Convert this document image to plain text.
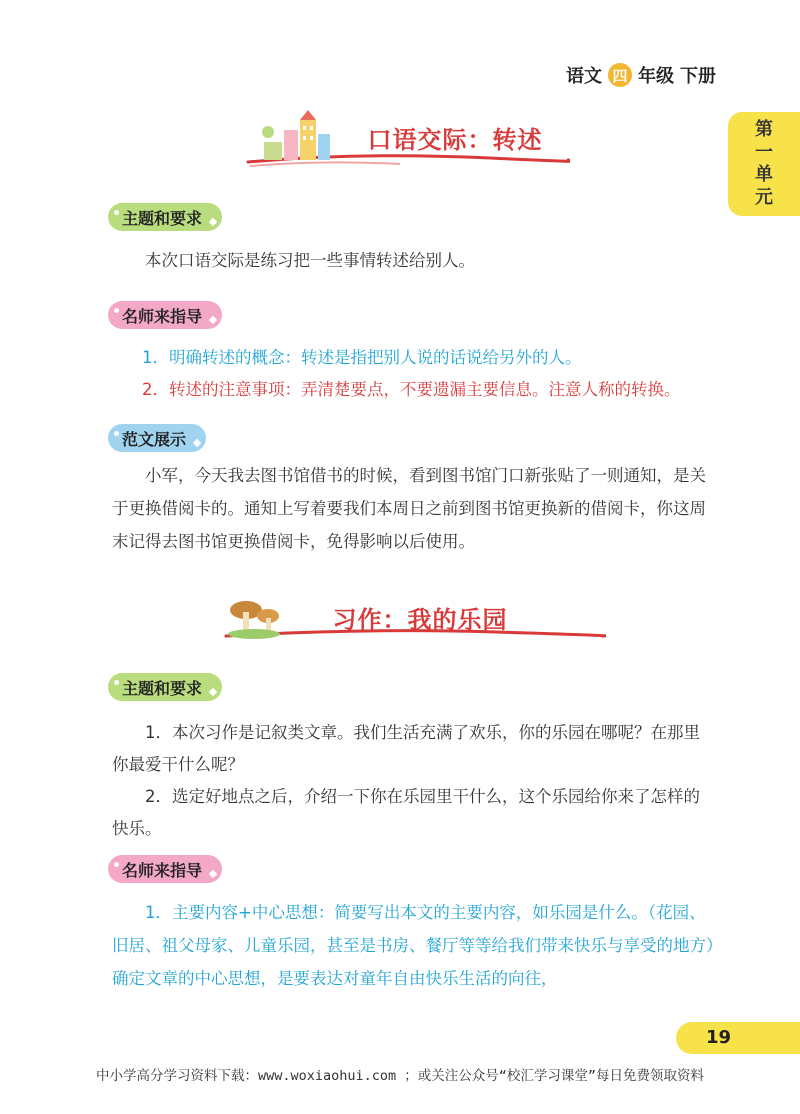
语文 四 年级 下册
第
一
单
元
口语交际：转述
主题和要求
本次口语交际是练习把一些事情转述给别人。
名师来指导
1．明确转述的概念：转述是指把别人说的话说给另外的人。
2．转述的注意事项：弄清楚要点，不要遗漏主要信息。注意人称的转换。
范文展示
小军，今天我去图书馆借书的时候，看到图书馆门口新张贴了一则通知，是关于更换借阅卡的。通知上写着要我们本周日之前到图书馆更换新的借阅卡，你这周末记得去图书馆更换借阅卡，免得影响以后使用。
习作：我的乐园
主题和要求
1．本次习作是记叙类文章。我们生活充满了欢乐，你的乐园在哪呢？在那里你最爱干什么呢？
2．选定好地点之后，介绍一下你在乐园里干什么，这个乐园给你来了怎样的快乐。
名师来指导
1．主要内容+中心思想：简要写出本文的主要内容，如乐园是什么。（花园、旧居、祖父母家、儿童乐园，甚至是书房、餐厅等等给我们带来快乐与享受的地方）确定文章的中心思想，是要表达对童年自由快乐生活的向往，
19
中小学高分学习资料下载：www.woxiaohui.com ；或关注公众号“校汇学习课堂”每日免费领取资料
